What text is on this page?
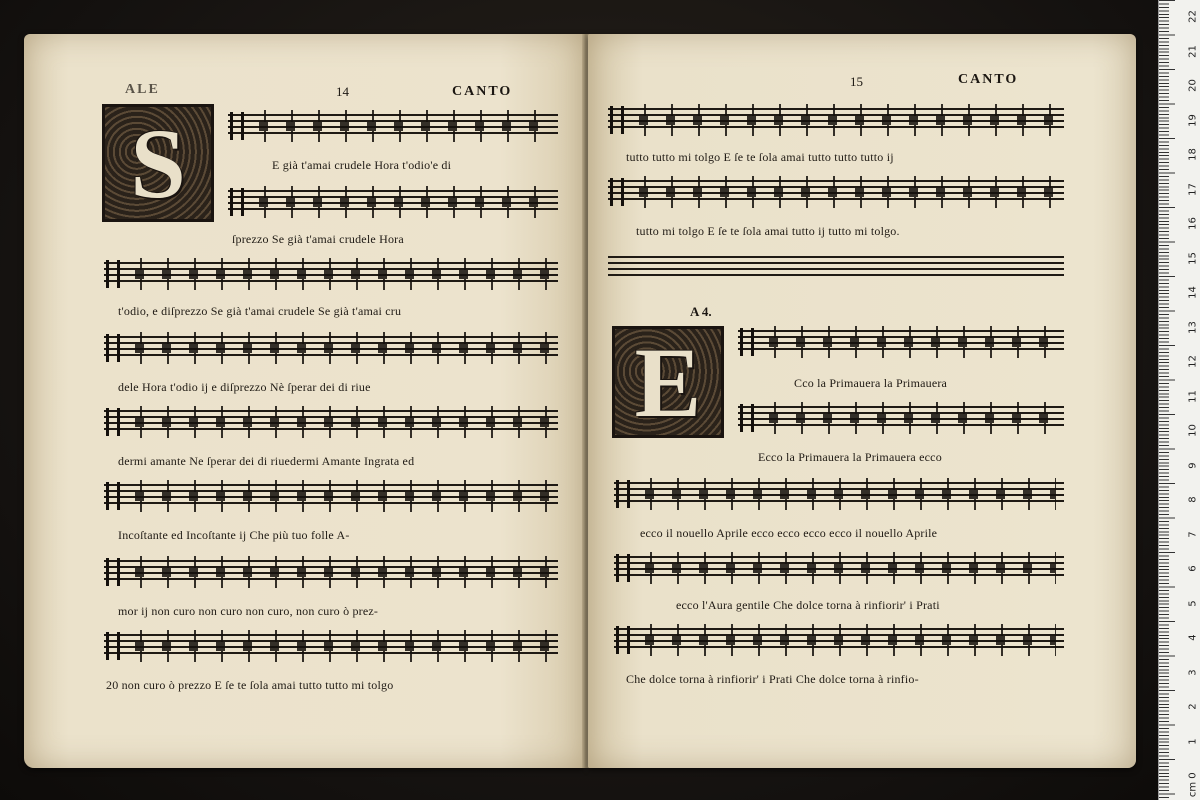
ALE	14	CANTO
S	E già t'amai crudele Hora t'odio'e di
ſprezzo Se già t'amai crudele Hora
t'odio, e diſprezzo Se già t'amai crudele Se già t'amai cru
dele Hora t'odio ij e diſprezzo Nè ſperar dei di riue
dermi amante Ne ſperar dei di riuedermi Amante Ingrata ed
Incoſtante ed Incoſtante ij Che più tuo folle A-
mor ij non curo non curo non curo, non curo ò prez-
20 non curo ò prezzo E ſe te ſola amai tutto tutto mi tolgo
15	CANTO
tutto tutto mi tolgo E ſe te ſola amai tutto tutto tutto ij
tutto mi tolgo E ſe te ſola amai tutto ij tutto mi tolgo.
A 4.
E	Cco la Primauera la Primauera
Ecco la Primauera la Primauera ecco
ecco il nouello Aprile ecco ecco ecco ecco il nouello Aprile
ecco l'Aura gentile Che dolce torna à rinfiorir' i Prati
Che dolce torna à rinfiorir' i Prati Che dolce torna à rinfio-
0
1
2
3
4
5
6
7
8
9
10
11
12
13
14
15
16
17
18
19
20
21
22
cm
